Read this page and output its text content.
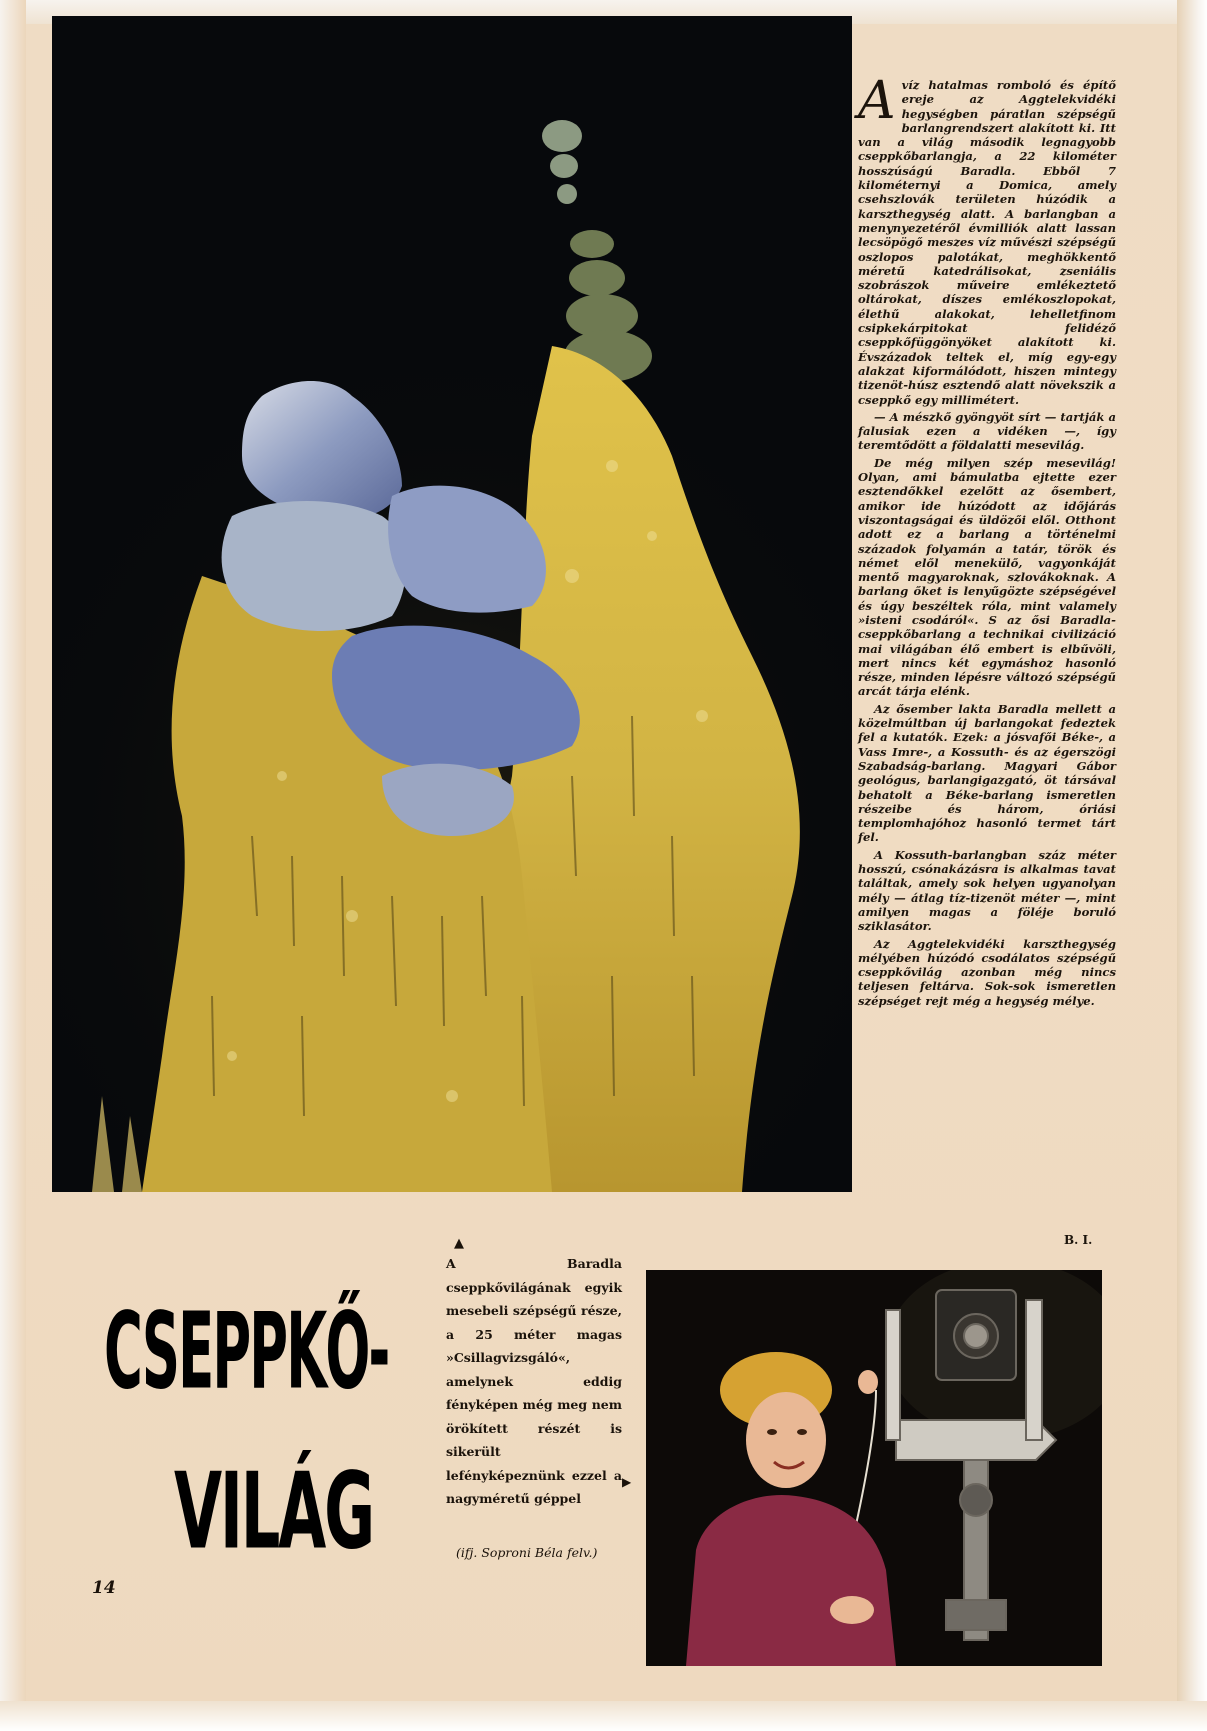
Avíz hatalmas romboló és építő ereje az Aggtelekvidéki hegységben páratlan szépségű barlangrendszert alakított ki. Itt van a világ második legnagyobb cseppkőbarlangja, a 22 kilométer hosszúságú Baradla. Ebből 7 kilométernyi a Domica, amely csehszlovák területen húzódik a karszthegység alatt. A barlangban a menynyezetéről évmilliók alatt lassan lecsöpögő meszes víz művészi szépségű oszlopos palotákat, meghökkentő méretű katedrálisokat, zseniális szobrászok műveire emlékeztető oltárokat, díszes emlékoszlopokat, élethű alakokat, lehelletfinom csipkekárpitokat felidéző cseppkőfüggönyöket alakított ki. Évszázadok teltek el, míg egy-egy alakzat kiformálódott, hiszen mintegy tizenöt-húsz esztendő alatt növekszik a cseppkő egy millimétert.

— A mészkő gyöngyöt sírt — tartják a falusiak ezen a vidéken —, így teremtődött a földalatti mesevilág.

De még milyen szép mesevilág! Olyan, ami bámulatba ejtette ezer esztendőkkel ezelőtt az ősembert, amikor ide húzódott az időjárás viszontagságai és üldözői elől. Otthont adott ez a barlang a történelmi századok folyamán a tatár, török és német elől menekülő, vagyonkáját mentő magyaroknak, szlovákoknak. A barlang őket is lenyűgözte szépségével és úgy beszéltek róla, mint valamely »isteni csodáról«. S az ősi Baradla-cseppkőbarlang a technikai civilizáció mai világában élő embert is elbűvöli, mert nincs két egymáshoz hasonló része, minden lépésre változó szépségű arcát tárja elénk.

Az ősember lakta Baradla mellett a közelmúltban új barlangokat fedeztek fel a kutatók. Ezek: a jósvafői Béke-, a Vass Imre-, a Kossuth- és az égerszögi Szabadság-barlang. Magyari Gábor geológus, barlangigazgató, öt társával behatolt a Béke-barlang ismeretlen részeibe és három, óriási templomhajóhoz hasonló termet tárt fel.

A Kossuth-barlangban száz méter hosszú, csónakázásra is alkalmas tavat találtak, amely sok helyen ugyanolyan mély — átlag tíz-tizenöt méter —, mint amilyen magas a föléje boruló sziklasátor.

Az Aggtelekvidéki karszthegység mélyében húzódó csodálatos szépségű cseppkővilág azonban még nincs teljesen feltárva. Sok-sok ismeretlen szépséget rejt még a hegység mélye.

B. I.
CSEPPKŐ-
VILÁG
▲
A Baradla cseppkővilágának egyik mesebeli szépségű része, a 25 méter magas »Csillagvizsgáló«, amelynek eddig fényképen még meg nem örökített részét is sikerült lefényképeznünk ezzel a nagyméretű géppel
▶
(ifj. Soproni Béla felv.)
14
